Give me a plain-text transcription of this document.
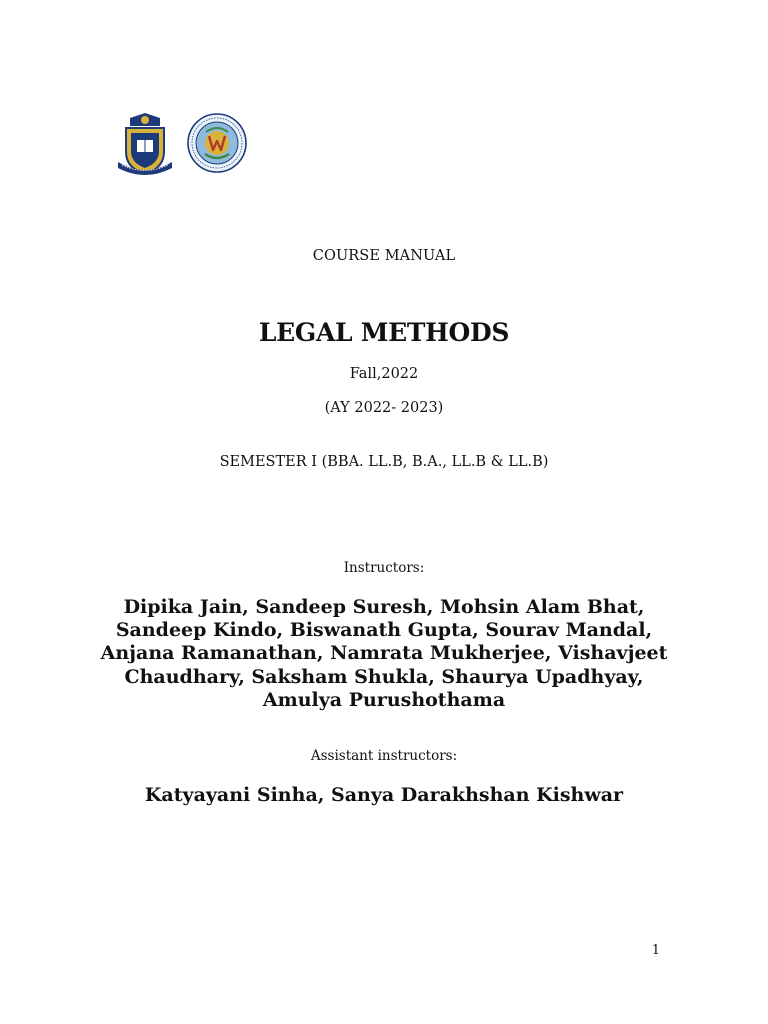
COURSE MANUAL
LEGAL METHODS
Fall,2022
(AY 2022- 2023)
SEMESTER I (BBA. LL.B, B.A., LL.B & LL.B)
Instructors:
Dipika Jain, Sandeep Suresh, Mohsin Alam Bhat, Sandeep Kindo, Biswanath Gupta, Sourav Mandal, Anjana Ramanathan, Namrata Mukherjee, Vishavjeet Chaudhary, Saksham Shukla, Shaurya Upadhyay, Amulya Purushothama
Assistant instructors:
Katyayani Sinha, Sanya Darakhshan Kishwar
1
